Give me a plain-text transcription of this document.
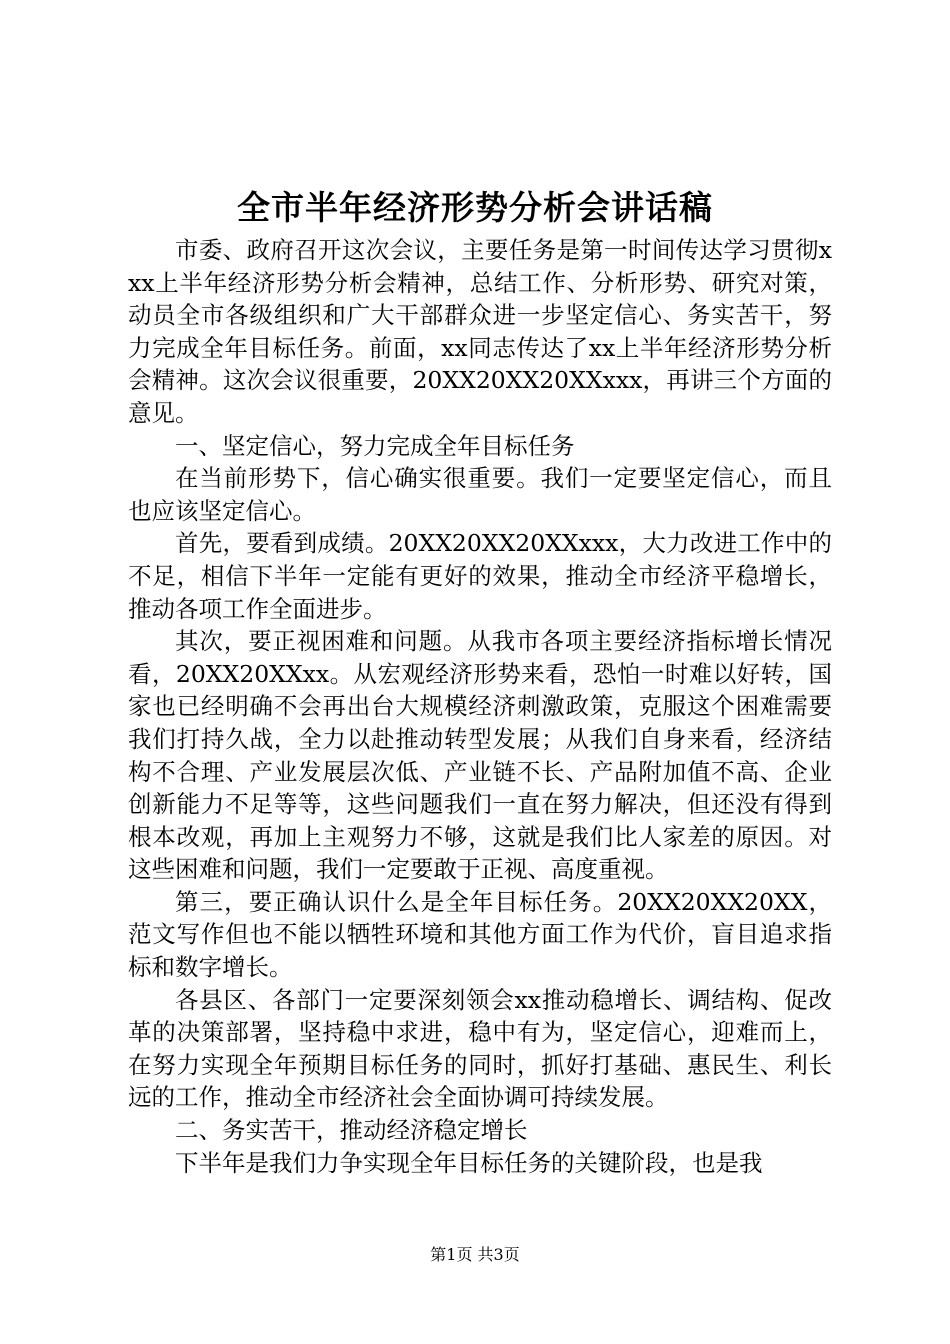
全市半年经济形势分析会讲话稿

市委、政府召开这次会议，主要任务是第一时间传达学习贯彻xxx上半年经济形势分析会精神，总结工作、分析形势、研究对策，动员全市各级组织和广大干部群众进一步坚定信心、务实苦干，努力完成全年目标任务。前面，xx同志传达了xx上半年经济形势分析会精神。这次会议很重要，20XX20XX20XXxxx，再讲三个方面的意见。

一、坚定信心，努力完成全年目标任务

在当前形势下，信心确实很重要。我们一定要坚定信心，而且也应该坚定信心。

首先，要看到成绩。20XX20XX20XXxxx，大力改进工作中的不足，相信下半年一定能有更好的效果，推动全市经济平稳增长，推动各项工作全面进步。

其次，要正视困难和问题。从我市各项主要经济指标增长情况看，20XX20XXxx。从宏观经济形势来看，恐怕一时难以好转，国家也已经明确不会再出台大规模经济刺激政策，克服这个困难需要我们打持久战，全力以赴推动转型发展；从我们自身来看，经济结构不合理、产业发展层次低、产业链不长、产品附加值不高、企业创新能力不足等等，这些问题我们一直在努力解决，但还没有得到根本改观，再加上主观努力不够，这就是我们比人家差的原因。对这些困难和问题，我们一定要敢于正视、高度重视。

第三，要正确认识什么是全年目标任务。20XX20XX20XX，范文写作但也不能以牺牲环境和其他方面工作为代价，盲目追求指标和数字增长。

各县区、各部门一定要深刻领会xx推动稳增长、调结构、促改革的决策部署，坚持稳中求进，稳中有为，坚定信心，迎难而上，在努力实现全年预期目标任务的同时，抓好打基础、惠民生、利长远的工作，推动全市经济社会全面协调可持续发展。

二、务实苦干，推动经济稳定增长

下半年是我们力争实现全年目标任务的关键阶段，也是我

第1页 共3页
